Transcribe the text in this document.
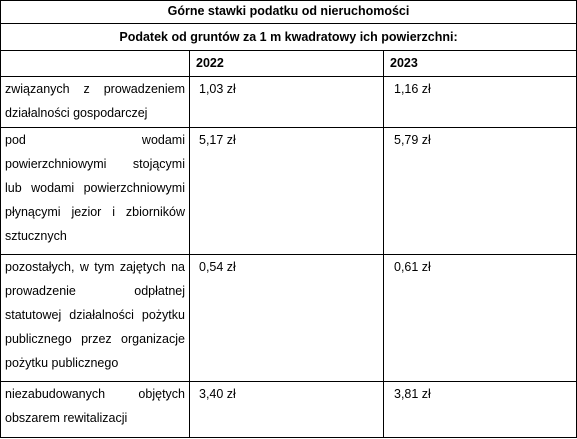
Górne stawki podatku od nieruchomości
Podatek od gruntów za 1 m kwadratowy ich powierzchni:
2022	2023
związanych z prowadzeniem
działalności gospodarczej
1,03 zł	1,16 zł
pod wodami
powierzchniowymi stojącymi
lub wodami powierzchniowymi
płynącymi jezior i zbiorników
sztucznych
5,17 zł	5,79 zł
pozostałych, w tym zajętych na
prowadzenie odpłatnej
statutowej działalności pożytku
publicznego przez organizacje
pożytku publicznego
0,54 zł	0,61 zł
niezabudowanych objętych
obszarem rewitalizacji
3,40 zł	3,81 zł
